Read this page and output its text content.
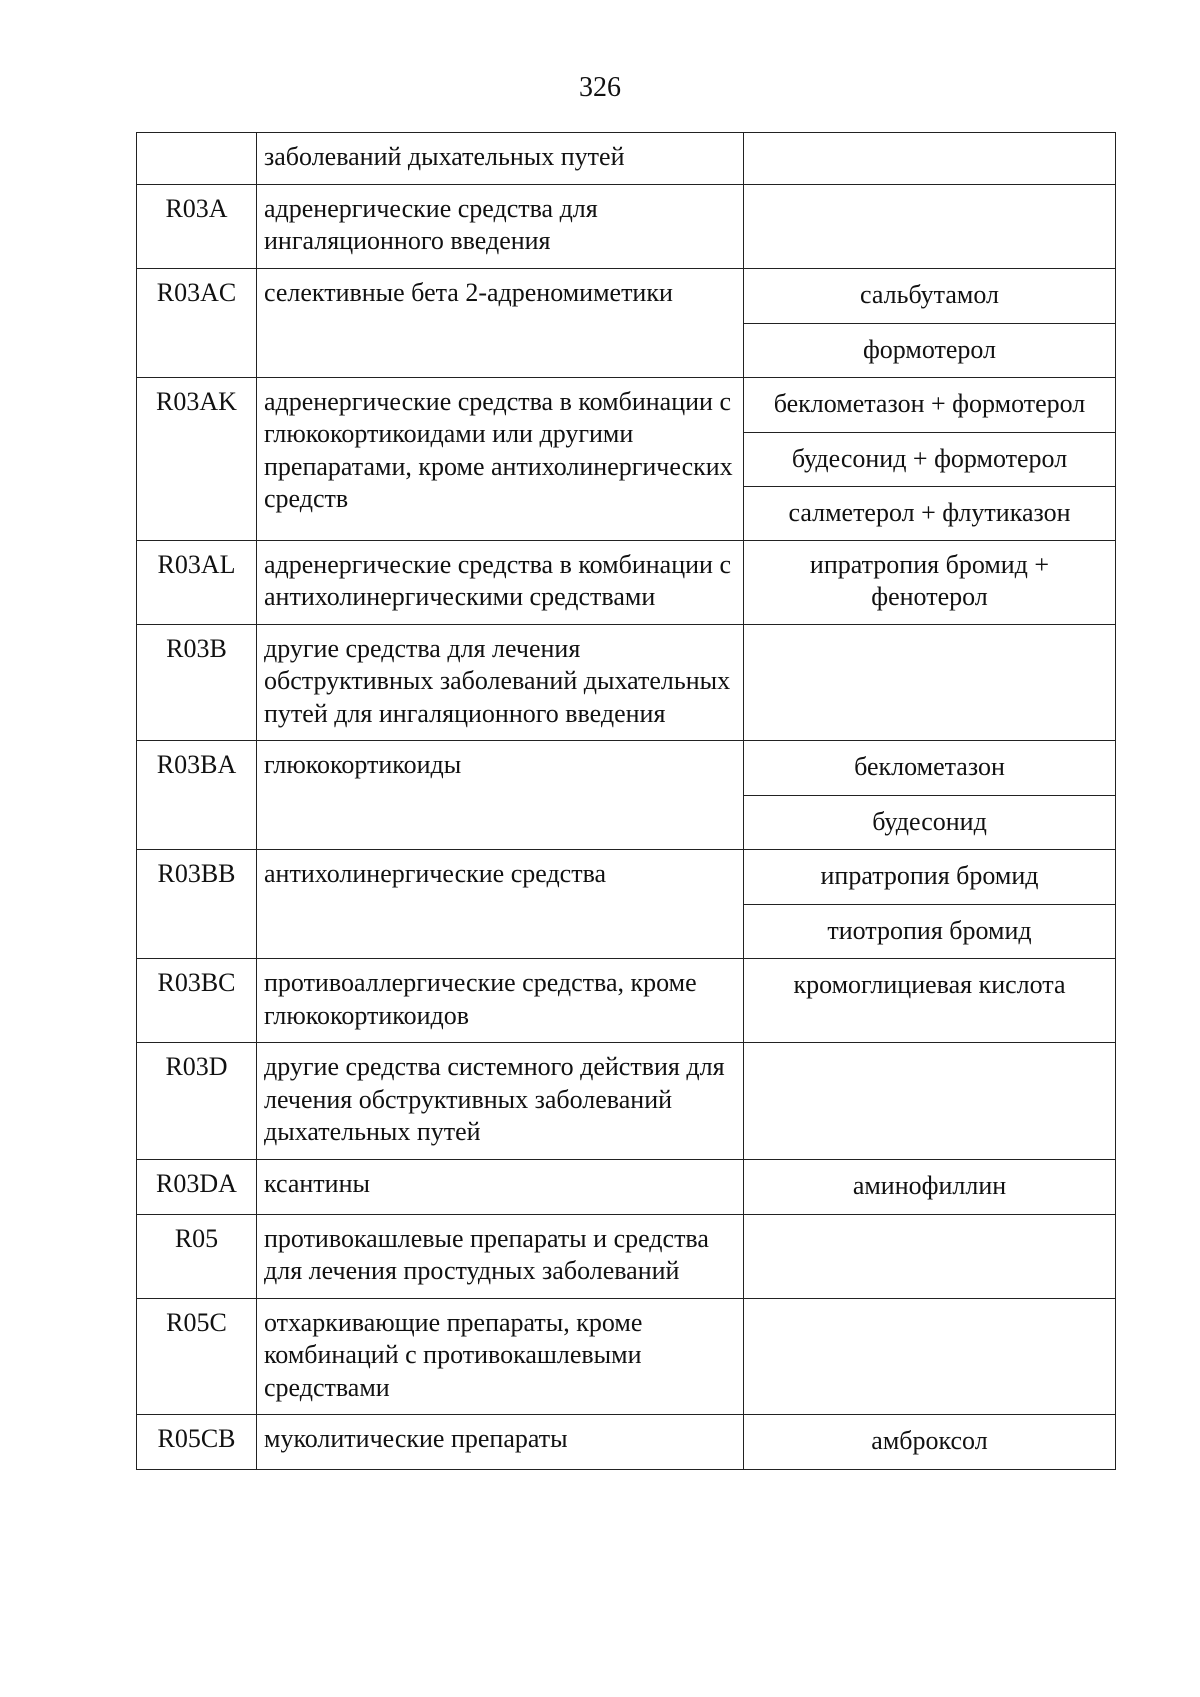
326
	заболеваний дыхательных путей	
R03A	адренергические средства для ингаляционного введения	
R03AC	селективные бета 2-адреномиметики	сальбутамол
формотерол

R03AK	адренергические средства в комбинации с глюкокортикоидами или другими препаратами, кроме антихолинергических средств	беклометазон + формотерол
будесонид + формотерол
салметерол + флутиказон

R03AL	адренергические средства в комбинации с антихолинергическими средствами	ипратропия бромид + фенотерол

R03B	другие средства для лечения обструктивных заболеваний дыхательных путей для ингаляционного введения	
R03BA	глюкокортикоиды	беклометазон
будесонид

R03BB	антихолинергические средства	ипратропия бромид
тиотропия бромид

R03BC	противоаллергические средства, кроме глюкокортикоидов	кромоглициевая кислота

R03D	другие средства системного действия для лечения обструктивных заболеваний дыхательных путей	
R03DA	ксантины	аминофиллин

R05	противокашлевые препараты и средства для лечения простудных заболеваний	
R05C	отхаркивающие препараты, кроме комбинаций с противокашлевыми средствами	
R05CB	муколитические препараты	амброксол
